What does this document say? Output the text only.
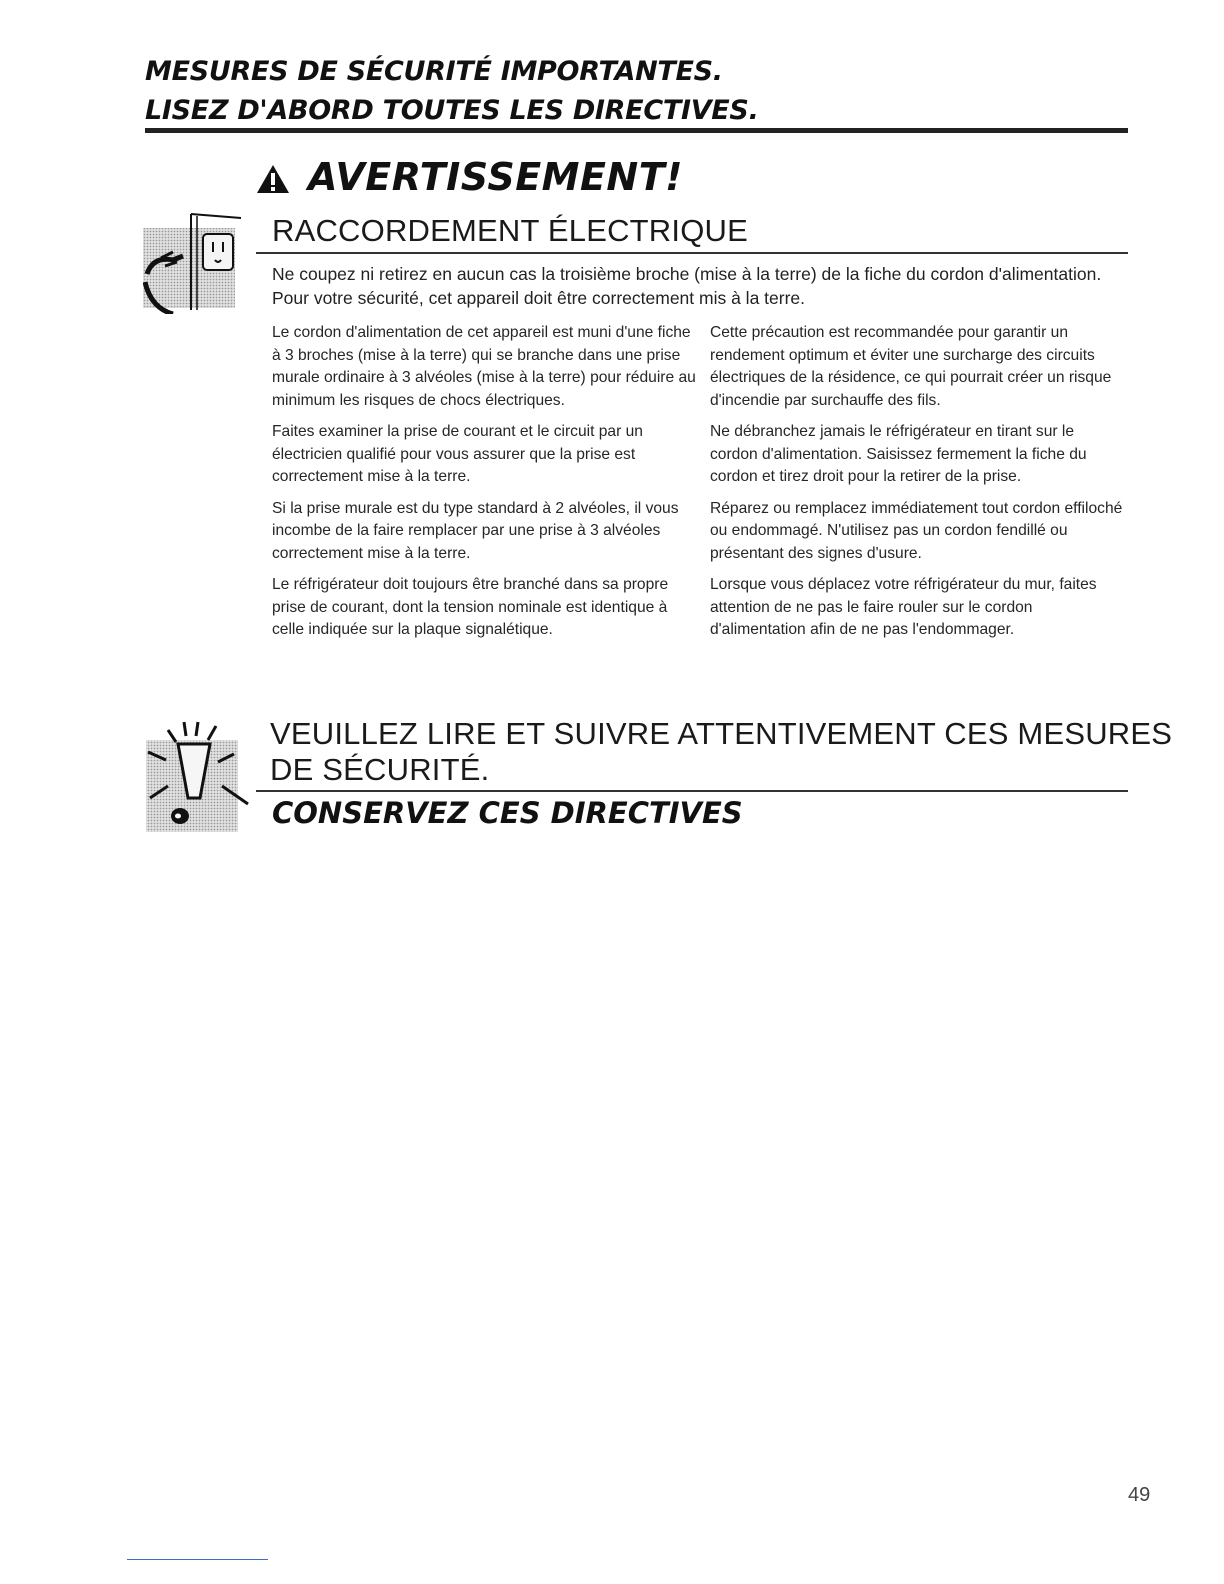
MESURES DE SÉCURITÉ IMPORTANTES.
LISEZ D'ABORD TOUTES LES DIRECTIVES.
AVERTISSEMENT!
RACCORDEMENT ÉLECTRIQUE
Ne coupez ni retirez en aucun cas la troisième broche (mise à la terre) de la fiche du cordon d'alimentation. Pour votre sécurité, cet appareil doit être correctement mis à la terre.

Le cordon d'alimentation de cet appareil est muni d'une fiche à 3 broches (mise à la terre) qui se branche dans une prise murale ordinaire à 3 alvéoles (mise à la terre) pour réduire au minimum les risques de chocs électriques.

Faites examiner la prise de courant et le circuit par un électricien qualifié pour vous assurer que la prise est correctement mise à la terre.

Si la prise murale est du type standard à 2 alvéoles, il vous incombe de la faire remplacer par une prise à 3 alvéoles correctement mise à la terre.

Le réfrigérateur doit toujours être branché dans sa propre prise de courant, dont la tension nominale est identique à celle indiquée sur la plaque signalétique.

Cette précaution est recommandée pour garantir un rendement optimum et éviter une surcharge des circuits électriques de la résidence, ce qui pourrait créer un risque d'incendie par surchauffe des fils.

Ne débranchez jamais le réfrigérateur en tirant sur le cordon d'alimentation. Saisissez fermement la fiche du cordon et tirez droit pour la retirer de la prise.

Réparez ou remplacez immédiatement tout cordon effiloché ou endommagé. N'utilisez pas un cordon fendillé ou présentant des signes d'usure.

Lorsque vous déplacez votre réfrigérateur du mur, faites attention de ne pas le faire rouler sur le cordon d'alimentation afin de ne pas l'endommager.

VEUILLEZ LIRE ET SUIVRE ATTENTIVEMENT CES MESURES
DE SÉCURITÉ.
CONSERVEZ CES DIRECTIVES
49
